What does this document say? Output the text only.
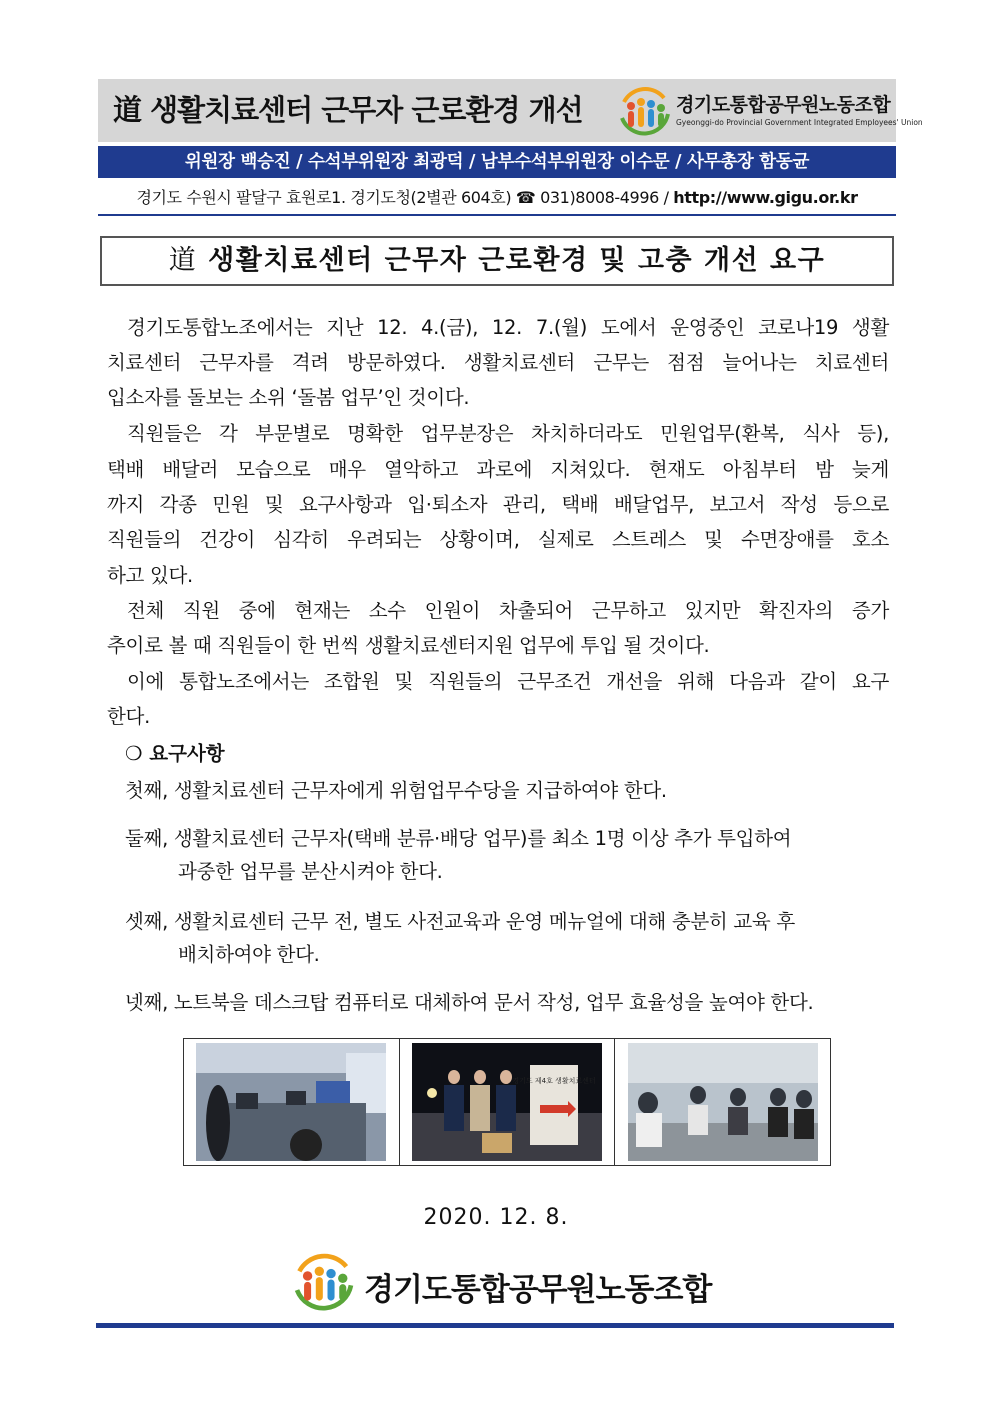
道 생활치료센터 근무자 근로환경 개선	경기도통합공무원노동조합
Gyeonggi-do Provincial Government Integrated Employees' Union
위원장 백승진 / 수석부위원장 최광덕 / 남부수석부위원장 이수문 / 사무총장 함동균
경기도 수원시 팔달구 효원로1. 경기도청(2별관 604호) ☎ 031)8008-4996 / http://www.gigu.or.kr
道 생활치료센터 근무자 근로환경 및 고충 개선 요구
경기도통합노조에서는 지난 12. 4.(금), 12. 7.(월) 도에서 운영중인 코로나19 생활
치료센터 근무자를 격려 방문하였다. 생활치료센터 근무는 점점 늘어나는 치료센터
입소자를 돌보는 소위 ‘돌봄 업무’인 것이다.
직원들은 각 부문별로 명확한 업무분장은 차치하더라도 민원업무(환복, 식사 등),
택배 배달러 모습으로 매우 열악하고 과로에 지쳐있다. 현재도 아침부터 밤 늦게
까지 각종 민원 및 요구사항과 입·퇴소자 관리, 택배 배달업무, 보고서 작성 등으로
직원들의 건강이 심각히 우려되는 상황이며, 실제로 스트레스 및 수면장애를 호소
하고 있다.
전체 직원 중에 현재는 소수 인원이 차출되어 근무하고 있지만 확진자의 증가
추이로 볼 때 직원들이 한 번씩 생활치료센터지원 업무에 투입 될 것이다.
이에 통합노조에서는 조합원 및 직원들의 근무조건 개선을 위해 다음과 같이 요구
한다.
❍ 요구사항
첫째, 생활치료센터 근무자에게 위험업무수당을 지급하여야 한다.
둘째, 생활치료센터 근무자(택배 분류·배당 업무)를 최소 1명 이상 추가 투입하여
과중한 업무를 분산시켜야 한다.
셋째, 생활치료센터 근무 전, 별도 사전교육과 운영 메뉴얼에 대해 충분히 교육 후
배치하여야 한다.
넷째, 노트북을 데스크탑 컴퓨터로 대체하여 문서 작성, 업무 효율성을 높여야 한다.
경기도 제4호 생활치료센터
2020. 12. 8.
경기도통합공무원노동조합
